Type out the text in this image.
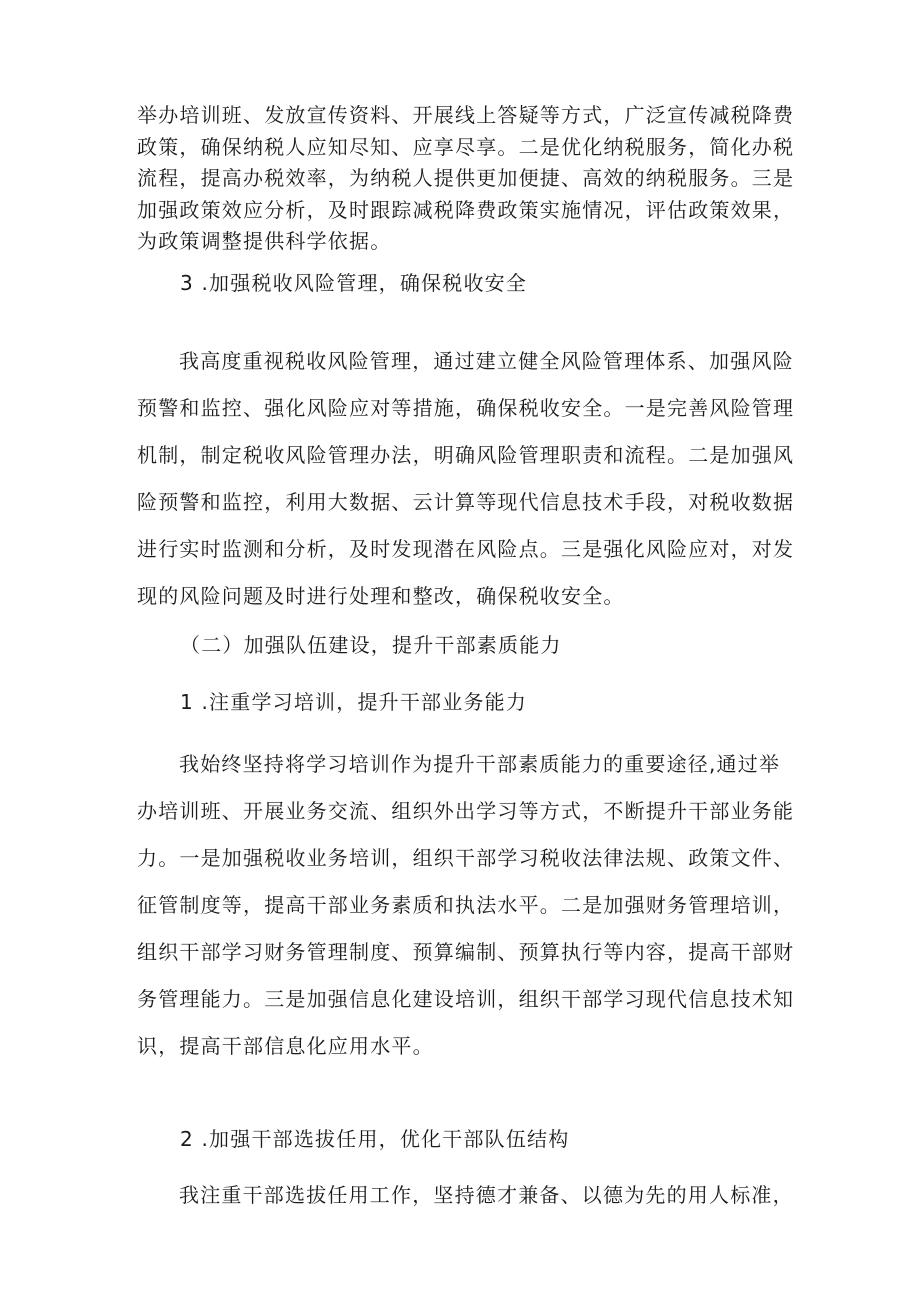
举办培训班、发放宣传资料、开展线上答疑等方式，广泛宣传减税降费政策，确保纳税人应知尽知、应享尽享。二是优化纳税服务，简化办税流程，提高办税效率，为纳税人提供更加便捷、高效的纳税服务。三是加强政策效应分析，及时跟踪减税降费政策实施情况，评估政策效果，为政策调整提供科学依据。

3 .加强税收风险管理，确保税收安全

我高度重视税收风险管理，通过建立健全风险管理体系、加强风险预警和监控、强化风险应对等措施，确保税收安全。一是完善风险管理机制，制定税收风险管理办法，明确风险管理职责和流程。二是加强风险预警和监控，利用大数据、云计算等现代信息技术手段，对税收数据进行实时监测和分析，及时发现潜在风险点。三是强化风险应对，对发现的风险问题及时进行处理和整改，确保税收安全。

（二）加强队伍建设，提升干部素质能力

1 .注重学习培训，提升干部业务能力

我始终坚持将学习培训作为提升干部素质能力的重要途径,通过举办培训班、开展业务交流、组织外出学习等方式，不断提升干部业务能力。一是加强税收业务培训，组织干部学习税收法律法规、政策文件、征管制度等，提高干部业务素质和执法水平。二是加强财务管理培训，组织干部学习财务管理制度、预算编制、预算执行等内容，提高干部财务管理能力。三是加强信息化建设培训，组织干部学习现代信息技术知识，提高干部信息化应用水平。

2 .加强干部选拔任用，优化干部队伍结构

我注重干部选拔任用工作，坚持德才兼备、以德为先的用人标准，
